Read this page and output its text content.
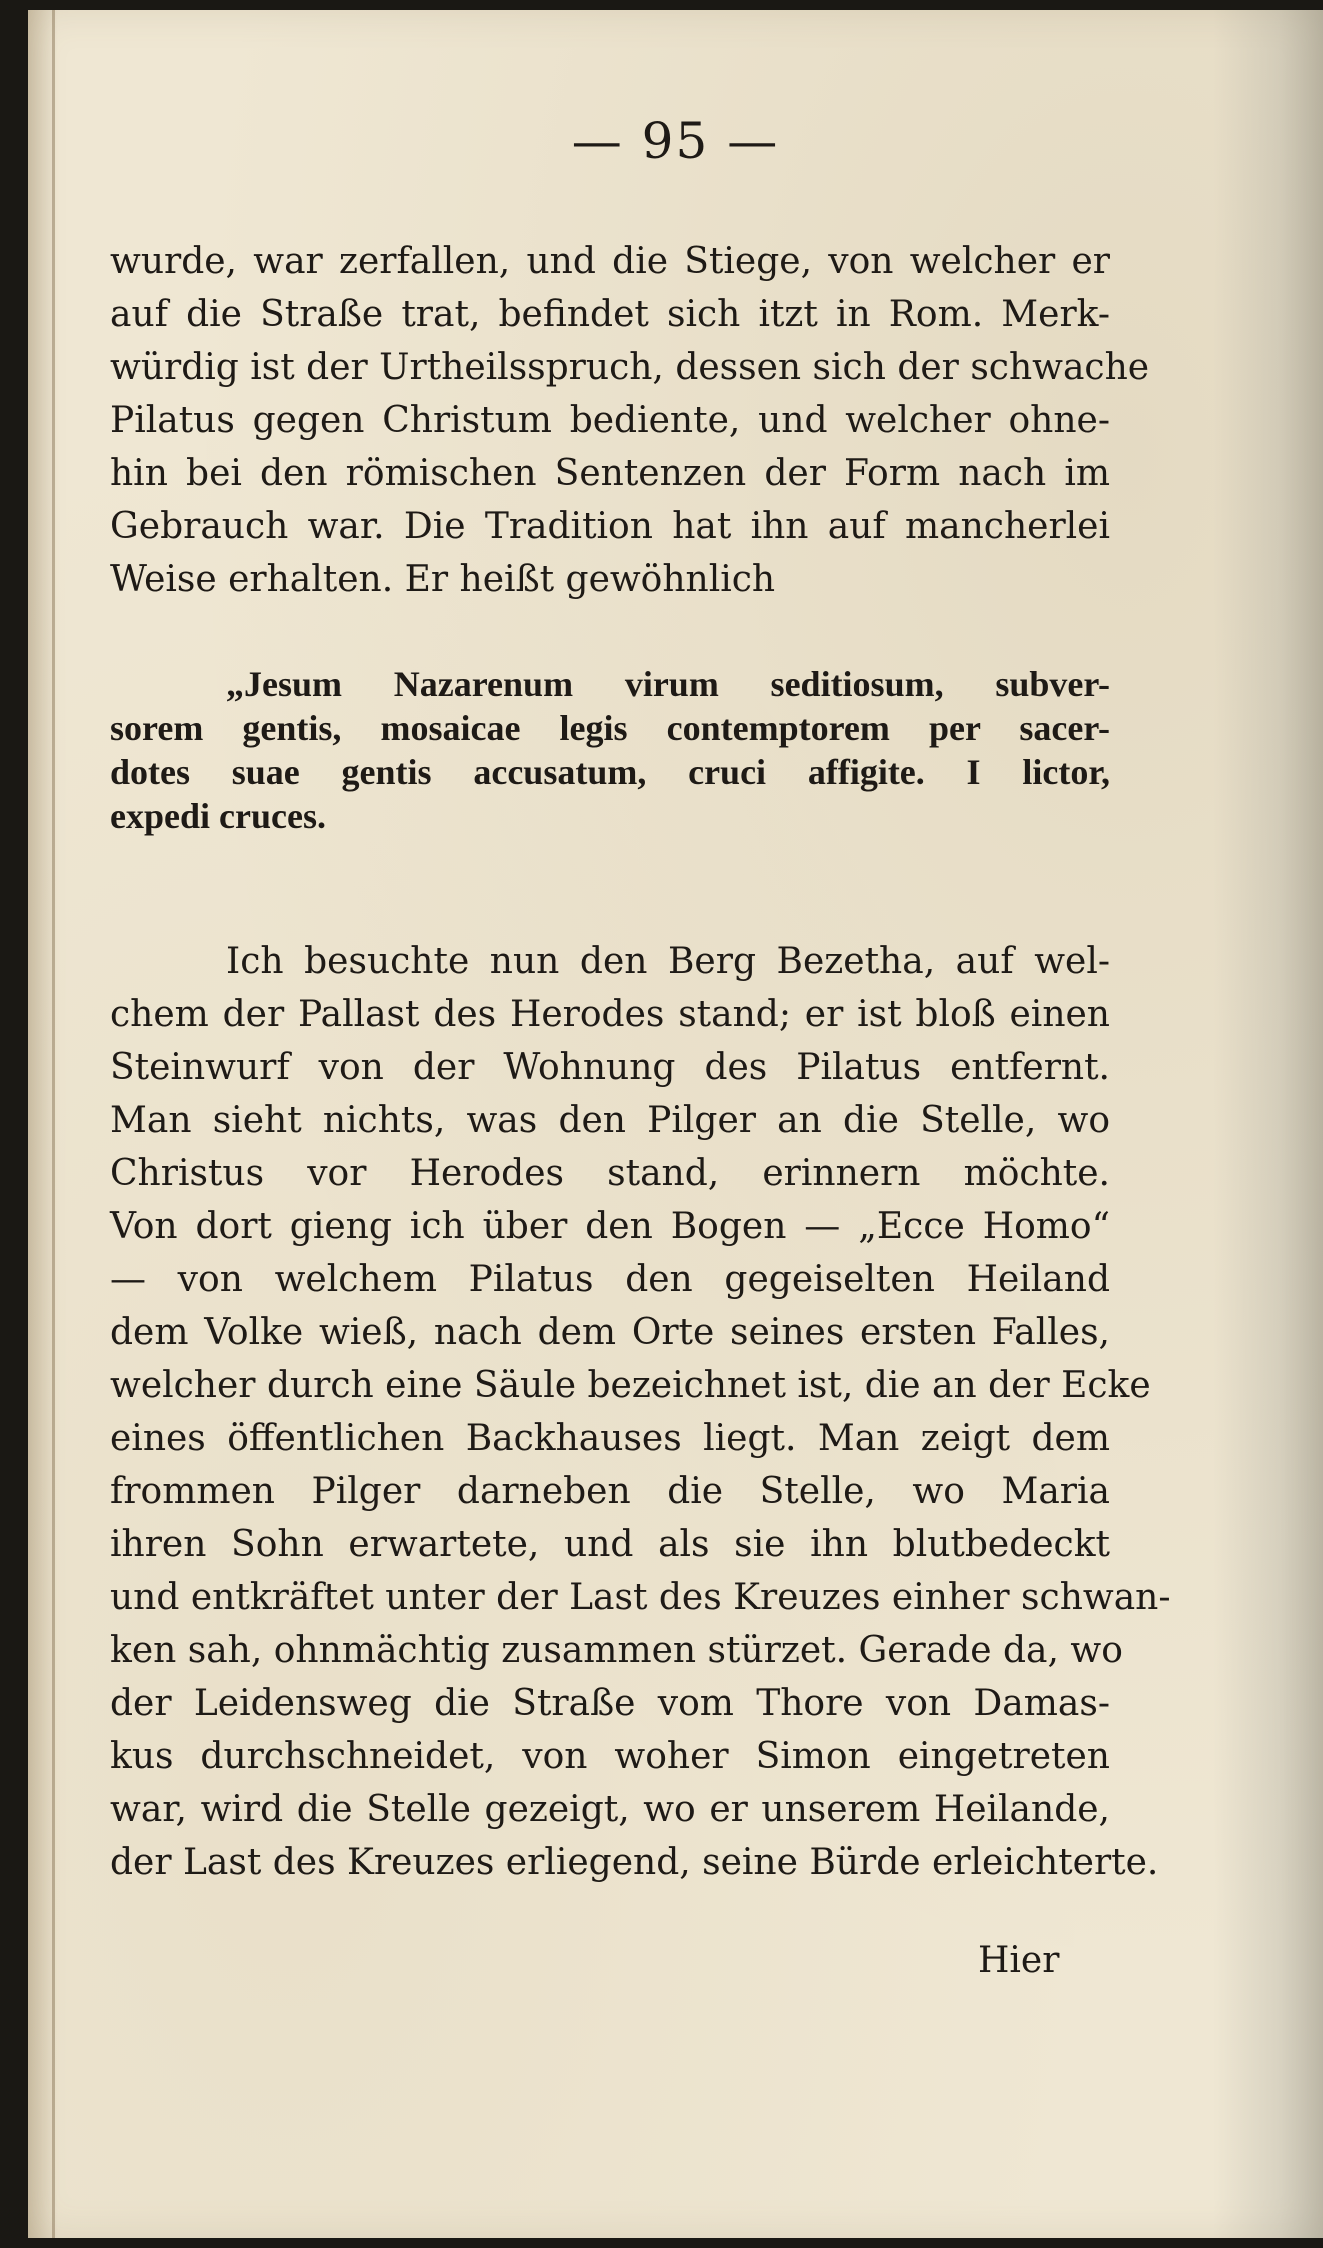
— 95 —
wurde, war zerfallen, und die Stiege, von welcher er
auf die Straße trat, befindet sich itzt in Rom. Merk-
würdig ist der Urtheilsspruch, dessen sich der schwache
Pilatus gegen Christum bediente, und welcher ohne-
hin bei den römischen Sentenzen der Form nach im
Gebrauch war. Die Tradition hat ihn auf mancherlei
Weise erhalten. Er heißt gewöhnlich
„Jesum Nazarenum virum seditiosum, subver-
sorem gentis, mosaicae legis contemptorem per sacer-
dotes suae gentis accusatum, cruci affigite. I lictor,
expedi cruces.
Ich besuchte nun den Berg Bezetha, auf wel-
chem der Pallast des Herodes stand; er ist bloß einen
Steinwurf von der Wohnung des Pilatus entfernt.
Man sieht nichts, was den Pilger an die Stelle, wo
Christus vor Herodes stand, erinnern möchte.
Von dort gieng ich über den Bogen — „Ecce Homo“
— von welchem Pilatus den gegeiselten Heiland
dem Volke wieß, nach dem Orte seines ersten Falles,
welcher durch eine Säule bezeichnet ist, die an der Ecke
eines öffentlichen Backhauses liegt. Man zeigt dem
frommen Pilger darneben die Stelle, wo Maria
ihren Sohn erwartete, und als sie ihn blutbedeckt
und entkräftet unter der Last des Kreuzes einher schwan-
ken sah, ohnmächtig zusammen stürzet. Gerade da, wo
der Leidensweg die Straße vom Thore von Damas-
kus durchschneidet, von woher Simon eingetreten
war, wird die Stelle gezeigt, wo er unserem Heilande,
der Last des Kreuzes erliegend, seine Bürde erleichterte.
Hier
